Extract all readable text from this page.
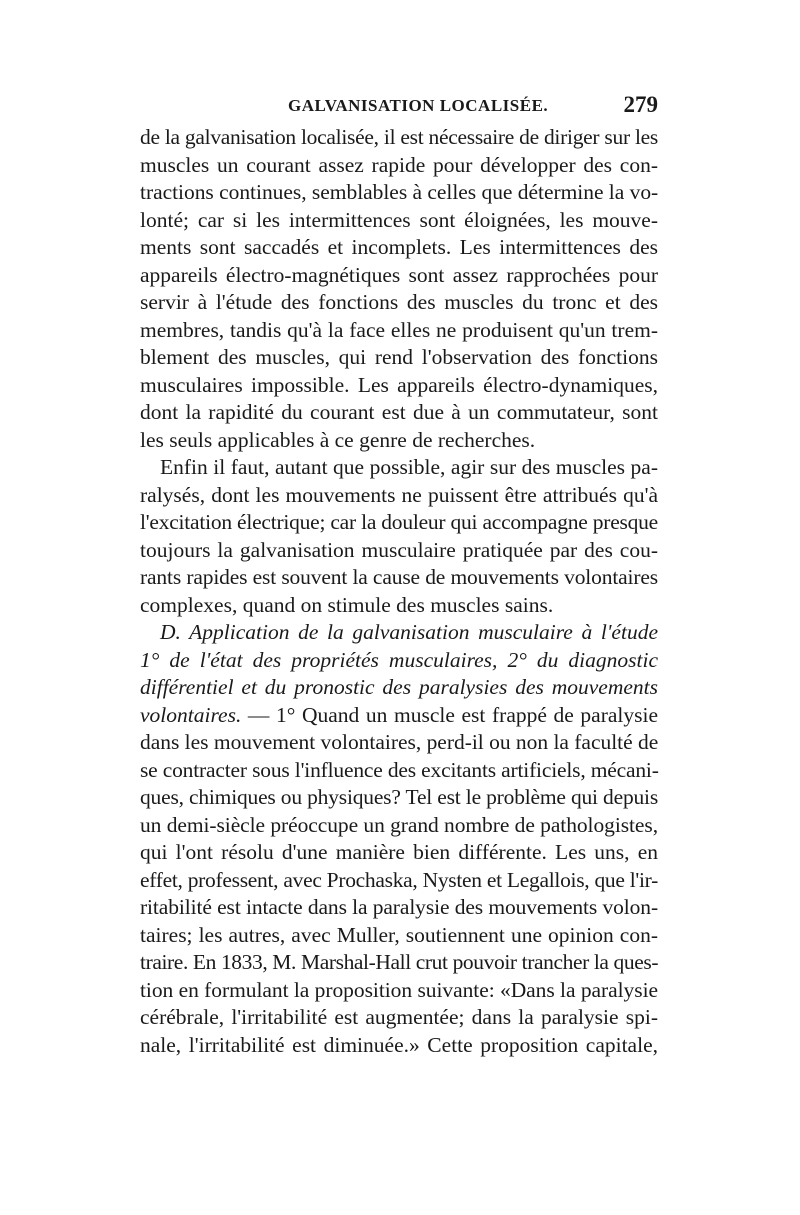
GALVANISATION LOCALISÉE.	279
de la galvanisation localisée, il est nécessaire de diriger sur les
muscles un courant assez rapide pour développer des con-
tractions continues, semblables à celles que détermine la vo-
lonté; car si les intermittences sont éloignées, les mouve-
ments sont saccadés et incomplets. Les intermittences des
appareils électro-magnétiques sont assez rapprochées pour
servir à l'étude des fonctions des muscles du tronc et des
membres, tandis qu'à la face elles ne produisent qu'un trem-
blement des muscles, qui rend l'observation des fonctions
musculaires impossible. Les appareils électro-dynamiques,
dont la rapidité du courant est due à un commutateur, sont
les seuls applicables à ce genre de recherches.
Enfin il faut, autant que possible, agir sur des muscles pa-
ralysés, dont les mouvements ne puissent être attribués qu'à
l'excitation électrique; car la douleur qui accompagne presque
toujours la galvanisation musculaire pratiquée par des cou-
rants rapides est souvent la cause de mouvements volontaires
complexes, quand on stimule des muscles sains.
D. Application de la galvanisation musculaire à l'étude
1° de l'état des propriétés musculaires, 2° du diagnostic
différentiel et du pronostic des paralysies des mouvements
volontaires. — 1° Quand un muscle est frappé de paralysie
dans les mouvement volontaires, perd-il ou non la faculté de
se contracter sous l'influence des excitants artificiels, mécani-
ques, chimiques ou physiques? Tel est le problème qui depuis
un demi-siècle préoccupe un grand nombre de pathologistes,
qui l'ont résolu d'une manière bien différente. Les uns, en
effet, professent, avec Prochaska, Nysten et Legallois, que l'ir-
ritabilité est intacte dans la paralysie des mouvements volon-
taires; les autres, avec Muller, soutiennent une opinion con-
traire. En 1833, M. Marshal-Hall crut pouvoir trancher la ques-
tion en formulant la proposition suivante: «Dans la paralysie
cérébrale, l'irritabilité est augmentée; dans la paralysie spi-
nale, l'irritabilité est diminuée.» Cette proposition capitale,
